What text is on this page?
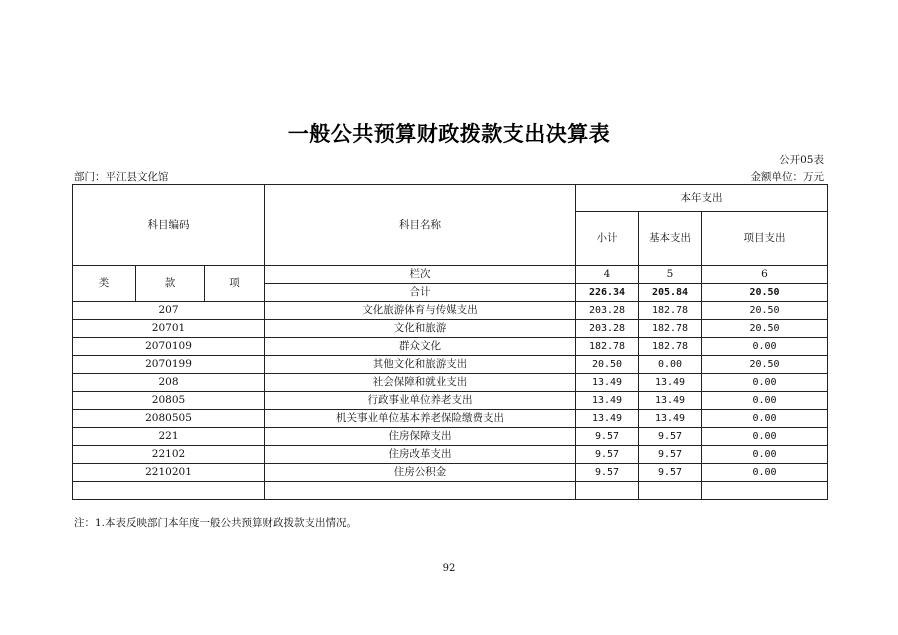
一般公共预算财政拨款支出决算表
公开05表
部门：平江县文化馆	金额单位：万元
科目编码			科目名称	本年支出		
				小计	基本支出	项目支出
类	款	项	栏次	4	5	6
			合计	226.34	205.84	20.50
207			文化旅游体育与传媒支出	203.28	182.78	20.50
20701			文化和旅游	203.28	182.78	20.50
2070109			群众文化	182.78	182.78	0.00
2070199			其他文化和旅游支出	20.50	0.00	20.50
208			社会保障和就业支出	13.49	13.49	0.00
20805			行政事业单位养老支出	13.49	13.49	0.00
2080505			机关事业单位基本养老保险缴费支出	13.49	13.49	0.00
221			住房保障支出	9.57	9.57	0.00
22102			住房改革支出	9.57	9.57	0.00
2210201			住房公积金	9.57	9.57	0.00

注：1.本表反映部门本年度一般公共预算财政拨款支出情况。
92
